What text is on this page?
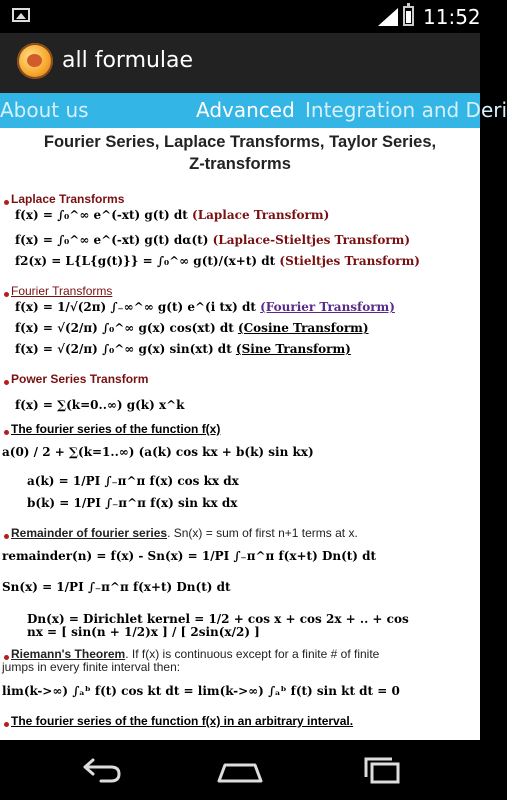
11:52
all formulae
About us	Advanced Integration and Deri
Fourier Series, Laplace Transforms, Taylor Series,
Z-transforms
Laplace Transforms
f(x) = ∫₀^∞ e^(-xt) g(t) dt (Laplace Transform)
f(x) = ∫₀^∞ e^(-xt) g(t) dα(t) (Laplace-Stieltjes Transform)
f2(x) = L{L{g(t)}} = ∫₀^∞ g(t)/(x+t) dt (Stieltjes Transform)
Fourier Transforms
f(x) = 1/√(2π) ∫₋∞^∞ g(t) e^(i tx) dt (Fourier Transform)
f(x) = √(2/π) ∫₀^∞ g(x) cos(xt) dt (Cosine Transform)
f(x) = √(2/π) ∫₀^∞ g(x) sin(xt) dt (Sine Transform)
Power Series Transform
f(x) = ∑(k=0..∞) g(k) x^k
The fourier series of the function f(x)
a(0) / 2 + ∑(k=1..∞) (a(k) cos kx + b(k) sin kx)
a(k) = 1/PI ∫₋π^π f(x) cos kx dx
b(k) = 1/PI ∫₋π^π f(x) sin kx dx
Remainder of fourier series. Sn(x) = sum of first n+1 terms at x.
remainder(n) = f(x) - Sn(x) = 1/PI ∫₋π^π f(x+t) Dn(t) dt
Sn(x) = 1/PI ∫₋π^π f(x+t) Dn(t) dt
Dn(x) = Dirichlet kernel = 1/2 + cos x + cos 2x + .. + cos
nx = [ sin(n + 1/2)x ] / [ 2sin(x/2) ]
Riemann's Theorem. If f(x) is continuous except for a finite # of finite
jumps in every finite interval then:
lim(k->∞) ∫ₐᵇ f(t) cos kt dt = lim(k->∞) ∫ₐᵇ f(t) sin kt dt = 0
The fourier series of the function f(x) in an arbitrary interval.
